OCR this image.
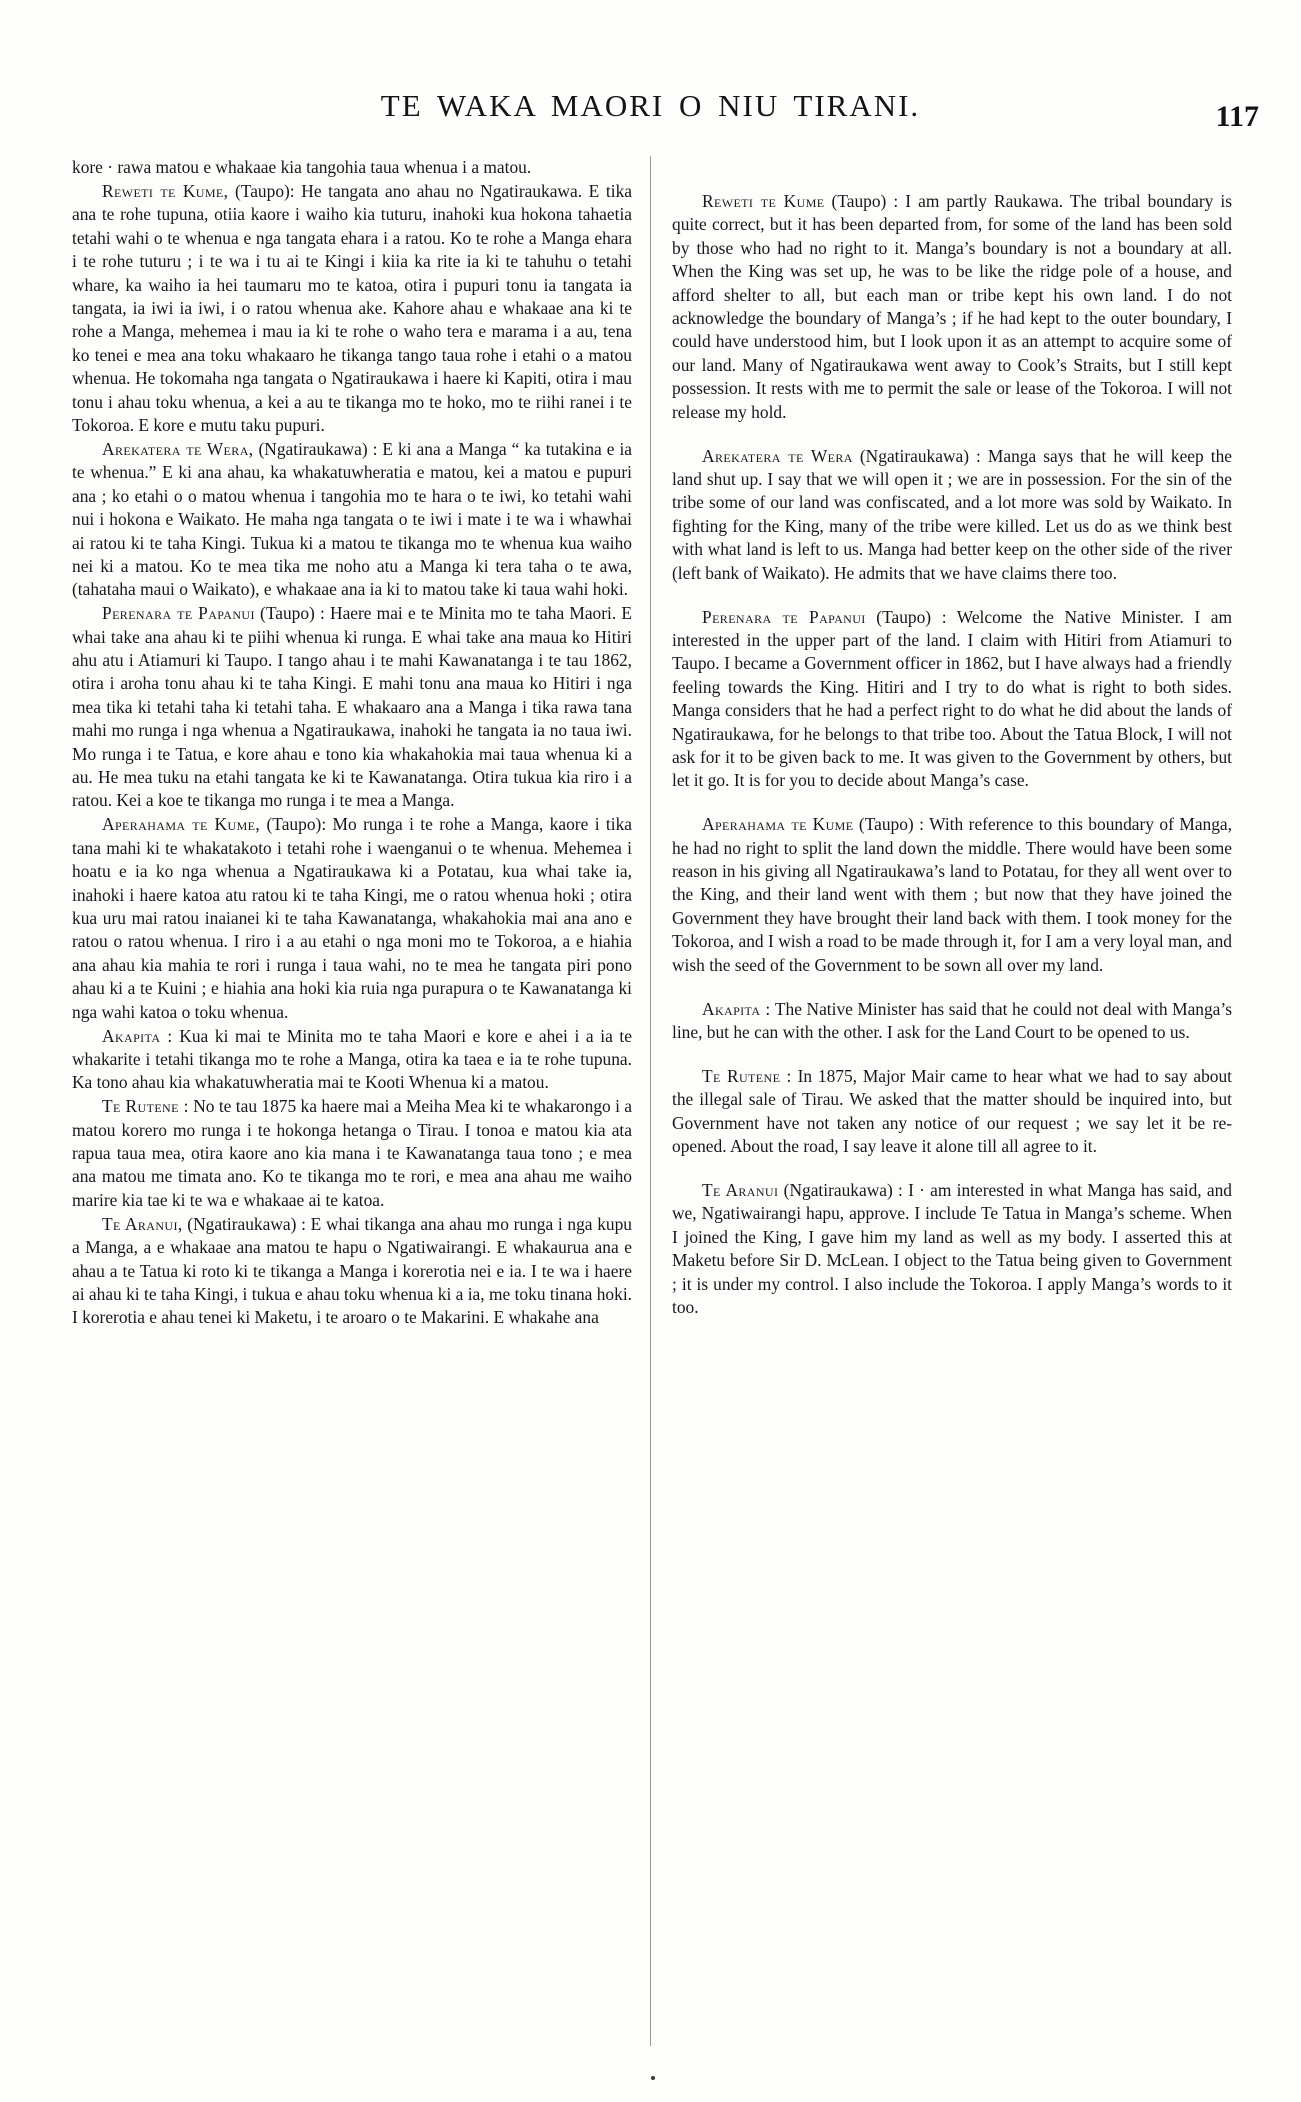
TE WAKA MAORI O NIU TIRANI.	117

kore · rawa matou e whakaae kia tangohia taua whenua i a matou.

Reweti te Kume, (Taupo): He tangata ano ahau no Ngatiraukawa. E tika ana te rohe tupuna, otiia kaore i waiho kia tuturu, inahoki kua hokona tahaetia tetahi wahi o te whenua e nga tangata ehara i a ratou. Ko te rohe a Manga ehara i te rohe tuturu ; i te wa i tu ai te Kingi i kiia ka rite ia ki te tahuhu o tetahi whare, ka waiho ia hei taumaru mo te katoa, otira i pupuri tonu ia tangata ia tangata, ia iwi ia iwi, i o ratou whenua ake. Kahore ahau e whakaae ana ki te rohe a Manga, mehemea i mau ia ki te rohe o waho tera e marama i a au, tena ko tenei e mea ana toku whakaaro he tikanga tango taua rohe i etahi o a matou whenua. He tokomaha nga tangata o Ngatiraukawa i haere ki Kapiti, otira i mau tonu i ahau toku whenua, a kei a au te tikanga mo te hoko, mo te riihi ranei i te Tokoroa. E kore e mutu taku pupuri.

Arekatera te Wera, (Ngatiraukawa) : E ki ana a Manga “ ka tutakina e ia te whenua.” E ki ana ahau, ka whakatuwheratia e matou, kei a matou e pupuri ana ; ko etahi o o matou whenua i tangohia mo te hara o te iwi, ko tetahi wahi nui i hokona e Waikato. He maha nga tangata o te iwi i mate i te wa i whawhai ai ratou ki te taha Kingi. Tukua ki a matou te tikanga mo te whenua kua waiho nei ki a matou. Ko te mea tika me noho atu a Manga ki tera taha o te awa, (tahataha maui o Waikato), e whakaae ana ia ki to matou take ki taua wahi hoki.

Perenara te Papanui (Taupo) : Haere mai e te Minita mo te taha Maori. E whai take ana ahau ki te piihi whenua ki runga. E whai take ana maua ko Hitiri ahu atu i Atiamuri ki Taupo. I tango ahau i te mahi Kawanatanga i te tau 1862, otira i aroha tonu ahau ki te taha Kingi. E mahi tonu ana maua ko Hitiri i nga mea tika ki tetahi taha ki tetahi taha. E whakaaro ana a Manga i tika rawa tana mahi mo runga i nga whenua a Ngatiraukawa, inahoki he tangata ia no taua iwi. Mo runga i te Tatua, e kore ahau e tono kia whakahokia mai taua whenua ki a au. He mea tuku na etahi tangata ke ki te Kawanatanga. Otira tukua kia riro i a ratou. Kei a koe te tikanga mo runga i te mea a Manga.

Aperahama te Kume, (Taupo): Mo runga i te rohe a Manga, kaore i tika tana mahi ki te whakatakoto i tetahi rohe i waenganui o te whenua. Mehemea i hoatu e ia ko nga whenua a Ngatiraukawa ki a Potatau, kua whai take ia, inahoki i haere katoa atu ratou ki te taha Kingi, me o ratou whenua hoki ; otira kua uru mai ratou inaianei ki te taha Kawanatanga, whakahokia mai ana ano e ratou o ratou whenua. I riro i a au etahi o nga moni mo te Tokoroa, a e hiahia ana ahau kia mahia te rori i runga i taua wahi, no te mea he tangata piri pono ahau ki a te Kuini ; e hiahia ana hoki kia ruia nga purapura o te Kawanatanga ki nga wahi katoa o toku whenua.

Akapita : Kua ki mai te Minita mo te taha Maori e kore e ahei i a ia te whakarite i tetahi tikanga mo te rohe a Manga, otira ka taea e ia te rohe tupuna. Ka tono ahau kia whakatuwheratia mai te Kooti Whenua ki a matou.

Te Rutene : No te tau 1875 ka haere mai a Meiha Mea ki te whakarongo i a matou korero mo runga i te hokonga hetanga o Tirau. I tonoa e matou kia ata rapua taua mea, otira kaore ano kia mana i te Kawanatanga taua tono ; e mea ana matou me timata ano. Ko te tikanga mo te rori, e mea ana ahau me waiho marire kia tae ki te wa e whakaae ai te katoa.

Te Aranui, (Ngatiraukawa) : E whai tikanga ana ahau mo runga i nga kupu a Manga, a e whakaae ana matou te hapu o Ngatiwairangi. E whakaurua ana e ahau a te Tatua ki roto ki te tikanga a Manga i korerotia nei e ia. I te wa i haere ai ahau ki te taha Kingi, i tukua e ahau toku whenua ki a ia, me toku tinana hoki. I korerotia e ahau tenei ki Maketu, i te aroaro o te Makarini. E whakahe ana

Reweti te Kume (Taupo) : I am partly Raukawa. The tribal boundary is quite correct, but it has been departed from, for some of the land has been sold by those who had no right to it. Manga’s boundary is not a boundary at all. When the King was set up, he was to be like the ridge pole of a house, and afford shelter to all, but each man or tribe kept his own land. I do not acknowledge the boundary of Manga’s ; if he had kept to the outer boundary, I could have understood him, but I look upon it as an attempt to acquire some of our land. Many of Ngatiraukawa went away to Cook’s Straits, but I still kept possession. It rests with me to permit the sale or lease of the Tokoroa. I will not release my hold.

Arekatera te Wera (Ngatiraukawa) : Manga says that he will keep the land shut up. I say that we will open it ; we are in possession. For the sin of the tribe some of our land was confiscated, and a lot more was sold by Waikato. In fighting for the King, many of the tribe were killed. Let us do as we think best with what land is left to us. Manga had better keep on the other side of the river (left bank of Waikato). He admits that we have claims there too.

Perenara te Papanui (Taupo) : Welcome the Native Minister. I am interested in the upper part of the land. I claim with Hitiri from Atiamuri to Taupo. I became a Government officer in 1862, but I have always had a friendly feeling towards the King. Hitiri and I try to do what is right to both sides. Manga considers that he had a perfect right to do what he did about the lands of Ngatiraukawa, for he belongs to that tribe too. About the Tatua Block, I will not ask for it to be given back to me. It was given to the Government by others, but let it go. It is for you to decide about Manga’s case.

Aperahama te Kume (Taupo) : With reference to this boundary of Manga, he had no right to split the land down the middle. There would have been some reason in his giving all Ngatiraukawa’s land to Potatau, for they all went over to the King, and their land went with them ; but now that they have joined the Government they have brought their land back with them. I took money for the Tokoroa, and I wish a road to be made through it, for I am a very loyal man, and wish the seed of the Government to be sown all over my land.

Akapita : The Native Minister has said that he could not deal with Manga’s line, but he can with the other. I ask for the Land Court to be opened to us.

Te Rutene : In 1875, Major Mair came to hear what we had to say about the illegal sale of Tirau. We asked that the matter should be inquired into, but Government have not taken any notice of our request ; we say let it be re-opened. About the road, I say leave it alone till all agree to it.

Te Aranui (Ngatiraukawa) : I · am interested in what Manga has said, and we, Ngatiwairangi hapu, approve. I include Te Tatua in Manga’s scheme. When I joined the King, I gave him my land as well as my body. I asserted this at Maketu before Sir D. McLean. I object to the Tatua being given to Government ; it is under my control. I also include the Tokoroa. I apply Manga’s words to it too.
